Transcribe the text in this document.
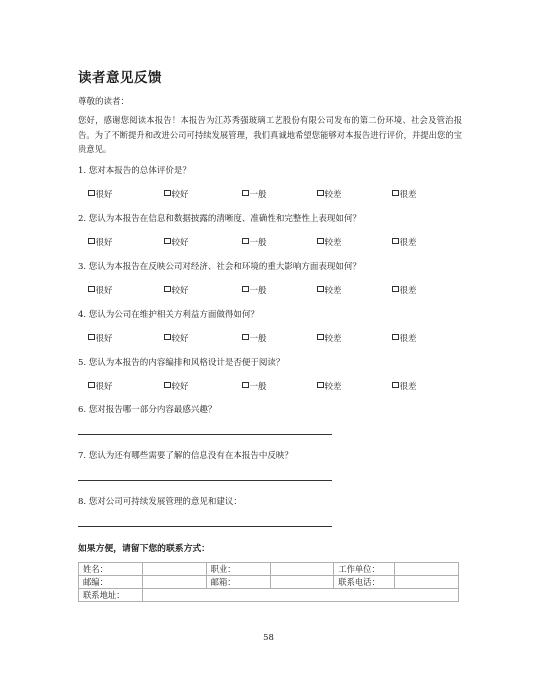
读者意见反馈
尊敬的读者：
您好，感谢您阅读本报告！本报告为江苏秀强玻璃工艺股份有限公司发布的第二份环境、社会及管治报告。为了不断提升和改进公司可持续发展管理，我们真诚地希望您能够对本报告进行评价，并提出您的宝贵意见。
1. 您对本报告的总体评价是？
很好	较好	一般	较差	很差
2. 您认为本报告在信息和数据披露的清晰度、准确性和完整性上表现如何？
很好	较好	一般	较差	很差
3. 您认为本报告在反映公司对经济、社会和环境的重大影响方面表现如何？
很好	较好	一般	较差	很差
4. 您认为公司在维护相关方利益方面做得如何？
很好	较好	一般	较差	很差
5. 您认为本报告的内容编排和风格设计是否便于阅读？
很好	较好	一般	较差	很差
6. 您对报告哪一部分内容最感兴趣？
7. 您认为还有哪些需要了解的信息没有在本报告中反映？
8. 您对公司可持续发展管理的意见和建议：
如果方便，请留下您的联系方式：
姓名：		职业：		工作单位：	
邮编：		邮箱：		联系电话：	
联系地址：					
58
